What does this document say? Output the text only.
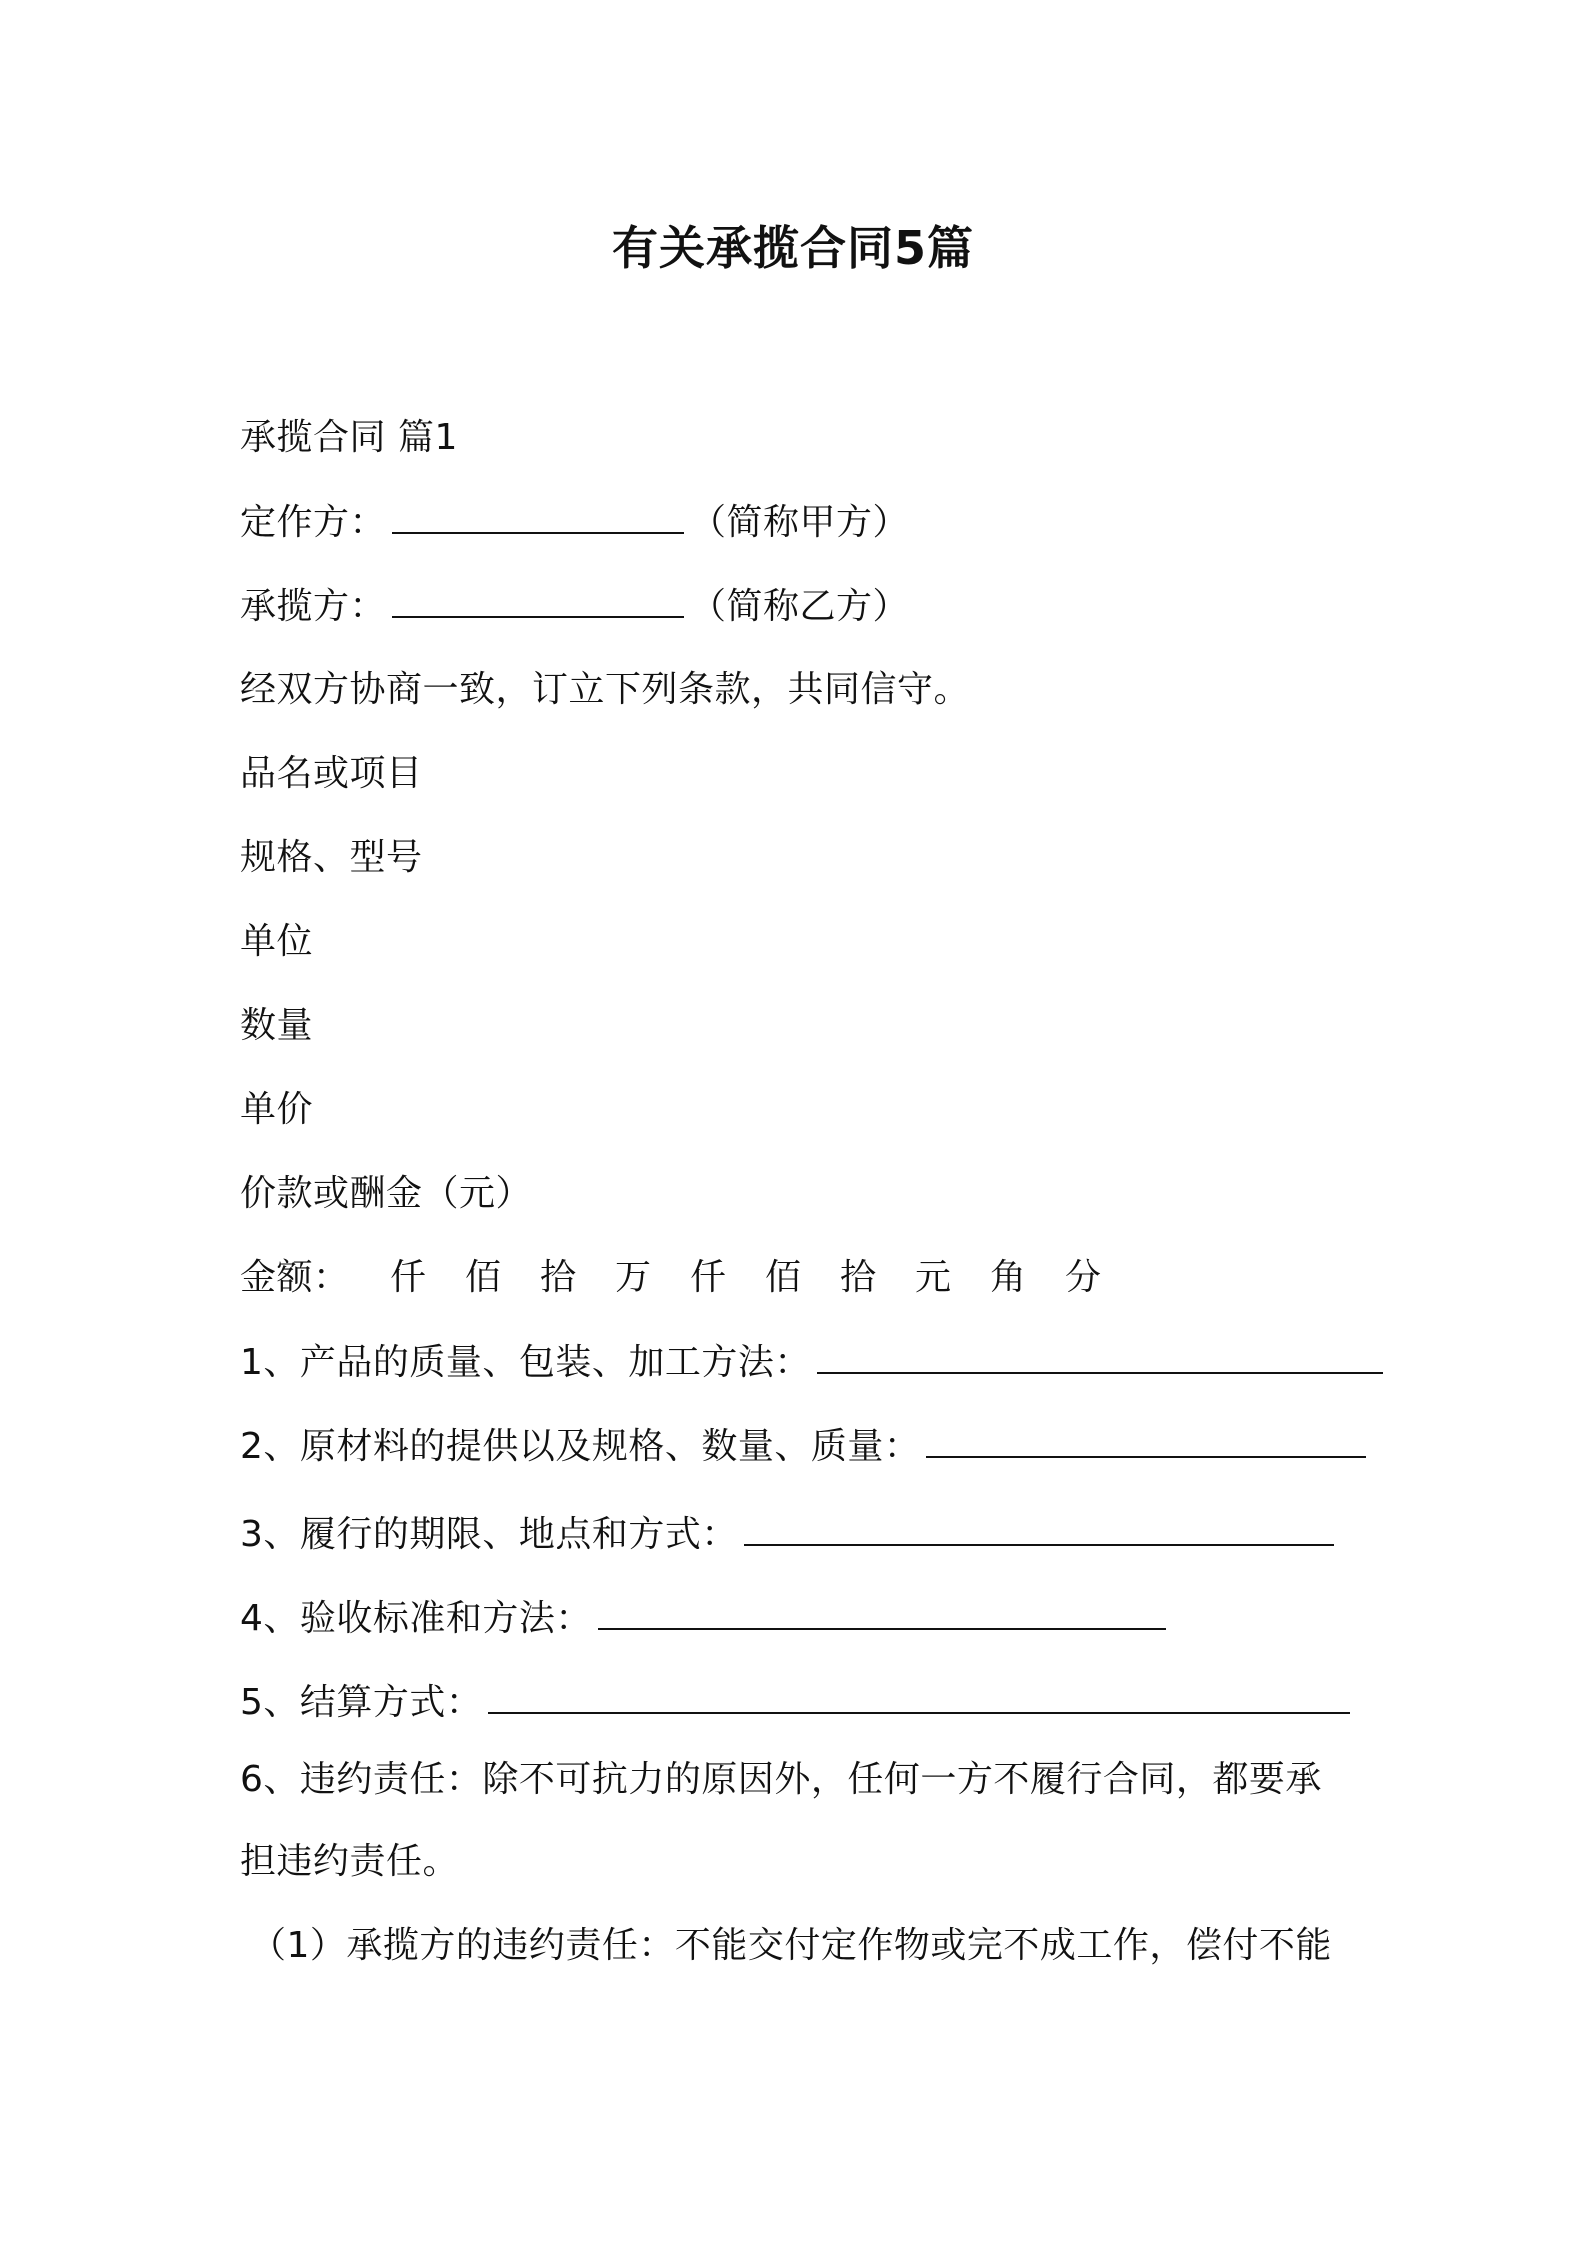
有关承揽合同5篇
承揽合同 篇1
定作方：	（简称甲方）
承揽方：	（简称乙方）
经双方协商一致，订立下列条款，共同信守。
品名或项目
规格、型号
单位
数量
单价
价款或酬金（元）
金额： 仟 佰 拾 万 仟 佰 拾 元 角 分
1、产品的质量、包装、加工方法：
2、原材料的提供以及规格、数量、质量：
3、履行的期限、地点和方式：
4、验收标准和方法：
5、结算方式：
6、违约责任：除不可抗力的原因外，任何一方不履行合同，都要承
担违约责任。
（1）承揽方的违约责任：不能交付定作物或完不成工作，偿付不能
